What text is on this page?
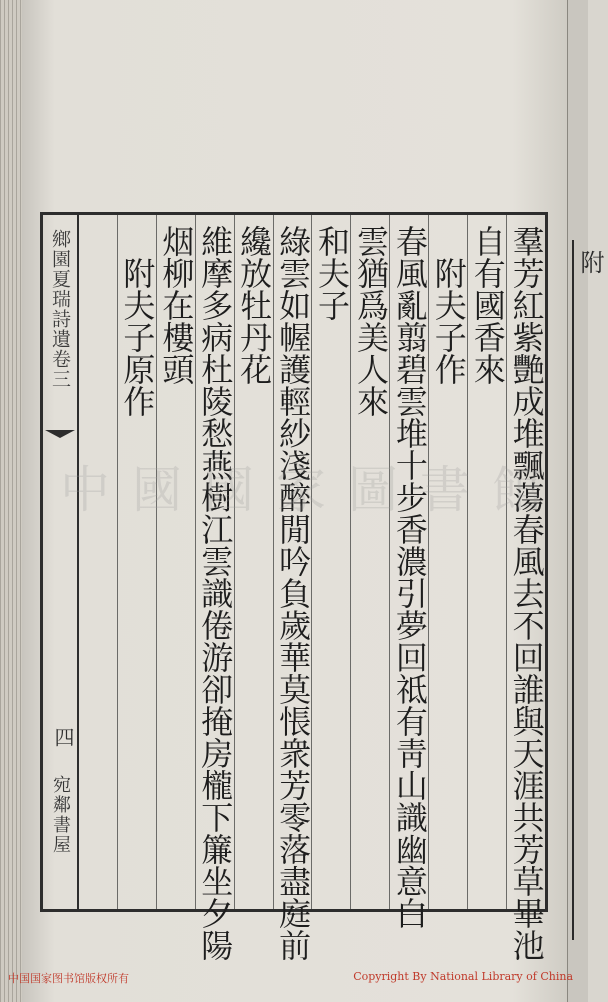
附
鄉園夏瑞詩遺卷三
四
宛鄰書屋	羣芳紅紫艷成堆飄蕩春風去不回誰與天涯共芳草畢池
自有國香來
附夫子作
春風亂翦碧雲堆十步香濃引夢回祗有靑山識幽意白
雲猶爲美人來
和夫子
綠雲如幄護輕紗淺醉閒吟負歲華莫悵衆芳零落盡庭前
纔放牡丹花
維摩多病杜陵愁燕樹江雲識倦游卻掩房櫳下簾坐夕陽
烟柳在樓頭
附夫子原作
中國國家圖書館
中国国家图书馆版权所有	Copyright By National Library of China
